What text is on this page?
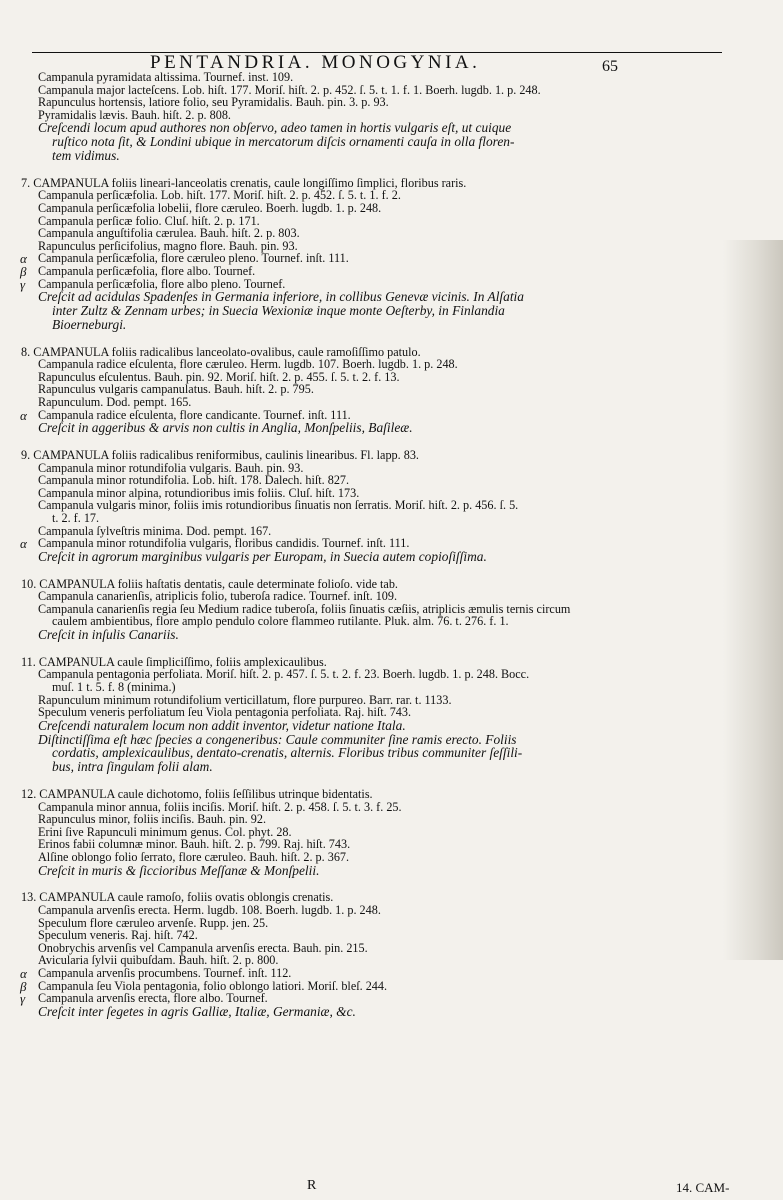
PENTANDRIA. MONOGYNIA.	65
Campanula pyramidata altissima. Tournef. inst. 109.
Campanula major lacteſcens. Lob. hiſt. 177. Moriſ. hiſt. 2. p. 452. ſ. 5. t. 1. f. 1. Boerh. lugdb. 1. p. 248.
Rapunculus hortensis, latiore folio, seu Pyramidalis. Bauh. pin. 3. p. 93.
Pyramidalis lævis. Bauh. hiſt. 2. p. 808.
Creſcendi locum apud authores non obſervo, adeo tamen in hortis vulgaris eſt, ut cuique
ruſtico nota ſit, & Londini ubique in mercatorum diſcis ornamenti cauſa in olla floren-
tem vidimus.
7. CAMPANULA foliis lineari-lanceolatis crenatis, caule longiſſimo ſimplici, floribus raris.
Campanula perſicæfolia. Lob. hiſt. 177. Moriſ. hiſt. 2. p. 452. ſ. 5. t. 1. f. 2.
Campanula perſicæfolia lobelii, flore cæruleo. Boerh. lugdb. 1. p. 248.
Campanula perſicæ folio. Cluſ. hiſt. 2. p. 171.
Campanula anguſtifolia cærulea. Bauh. hiſt. 2. p. 803.
Rapunculus perſicifolius, magno flore. Bauh. pin. 93.
Campanula perſicæfolia, flore cæruleo pleno. Tournef. inſt. 111.
α
Campanula perſicæfolia, flore albo. Tournef.
β
Campanula perſicæfolia, flore albo pleno. Tournef.
γ
Creſcit ad acidulas Spadenſes in Germania inferiore, in collibus Genevæ vicinis. In Alſatia
inter Zultz & Zennam urbes; in Suecia Wexioniæ inque monte Oeſterby, in Finlandia
Bioerneburgi.
8. CAMPANULA foliis radicalibus lanceolato-ovalibus, caule ramoſiſſimo patulo.
Campanula radice eſculenta, flore cæruleo. Herm. lugdb. 107. Boerh. lugdb. 1. p. 248.
Rapunculus eſculentus. Bauh. pin. 92. Moriſ. hiſt. 2. p. 455. ſ. 5. t. 2. f. 13.
Rapunculus vulgaris campanulatus. Bauh. hiſt. 2. p. 795.
Rapunculum. Dod. pempt. 165.
Campanula radice eſculenta, flore candicante. Tournef. inſt. 111.
α
Creſcit in aggeribus & arvis non cultis in Anglia, Monſpeliis, Baſileæ.
9. CAMPANULA foliis radicalibus reniformibus, caulinis linearibus. Fl. lapp. 83.
Campanula minor rotundifolia vulgaris. Bauh. pin. 93.
Campanula minor rotundifolia. Lob. hiſt. 178. Dalech. hiſt. 827.
Campanula minor alpina, rotundioribus imis foliis. Cluſ. hiſt. 173.
Campanula vulgaris minor, foliis imis rotundioribus ſinuatis non ſerratis. Moriſ. hiſt. 2. p. 456. ſ. 5.
t. 2. f. 17.
Campanula ſylveſtris minima. Dod. pempt. 167.
Campanula minor rotundifolia vulgaris, floribus candidis. Tournef. inſt. 111.
α
Creſcit in agrorum marginibus vulgaris per Europam, in Suecia autem copioſiſſima.
10. CAMPANULA foliis haſtatis dentatis, caule determinate folioſo. vide tab.
Campanula canarienſis, atriplicis folio, tuberoſa radice. Tournef. inſt. 109.
Campanula canarienſis regia ſeu Medium radice tuberoſa, foliis ſinuatis cæſiis, atriplicis æmulis ternis circum
caulem ambientibus, flore amplo pendulo colore flammeo rutilante. Pluk. alm. 76. t. 276. f. 1.
Creſcit in inſulis Canariis.
11. CAMPANULA caule ſimpliciſſimo, foliis amplexicaulibus.
Campanula pentagonia perfoliata. Moriſ. hiſt. 2. p. 457. ſ. 5. t. 2. f. 23. Boerh. lugdb. 1. p. 248. Bocc.
muſ. 1 t. 5. f. 8 (minima.)
Rapunculum minimum rotundifolium verticillatum, flore purpureo. Barr. rar. t. 1133.
Speculum veneris perfoliatum ſeu Viola pentagonia perfoliata. Raj. hiſt. 743.
Creſcendi naturalem locum non addit inventor, videtur natione Itala.
Diſtinctiſſima eſt hæc ſpecies a congeneribus: Caule communiter ſine ramis erecto. Foliis
cordatis, amplexicaulibus, dentato-crenatis, alternis. Floribus tribus communiter ſeſſili-
bus, intra ſingulam folii alam.
12. CAMPANULA caule dichotomo, foliis ſeſſilibus utrinque bidentatis.
Campanula minor annua, foliis inciſis. Moriſ. hiſt. 2. p. 458. ſ. 5. t. 3. f. 25.
Rapunculus minor, foliis inciſis. Bauh. pin. 92.
Erini ſive Rapunculi minimum genus. Col. phyt. 28.
Erinos fabii columnæ minor. Bauh. hiſt. 2. p. 799. Raj. hiſt. 743.
Alſine oblongo folio ſerrato, flore cæruleo. Bauh. hiſt. 2. p. 367.
Creſcit in muris & ſiccioribus Meſſanæ & Monſpelii.
13. CAMPANULA caule ramoſo, foliis ovatis oblongis crenatis.
Campanula arvenſis erecta. Herm. lugdb. 108. Boerh. lugdb. 1. p. 248.
Speculum flore cæruleo arvenſe. Rupp. jen. 25.
Speculum veneris. Raj. hiſt. 742.
Onobrychis arvenſis vel Campanula arvenſis erecta. Bauh. pin. 215.
Avicularia ſylvii quibuſdam. Bauh. hiſt. 2. p. 800.
Campanula arvenſis procumbens. Tournef. inſt. 112.
α
Campanula ſeu Viola pentagonia, folio oblongo latiori. Moriſ. bleſ. 244.
β
Campanula arvenſis erecta, flore albo. Tournef.
γ
Creſcit inter ſegetes in agris Galliæ, Italiæ, Germaniæ, &c.
R	14. CAM-
